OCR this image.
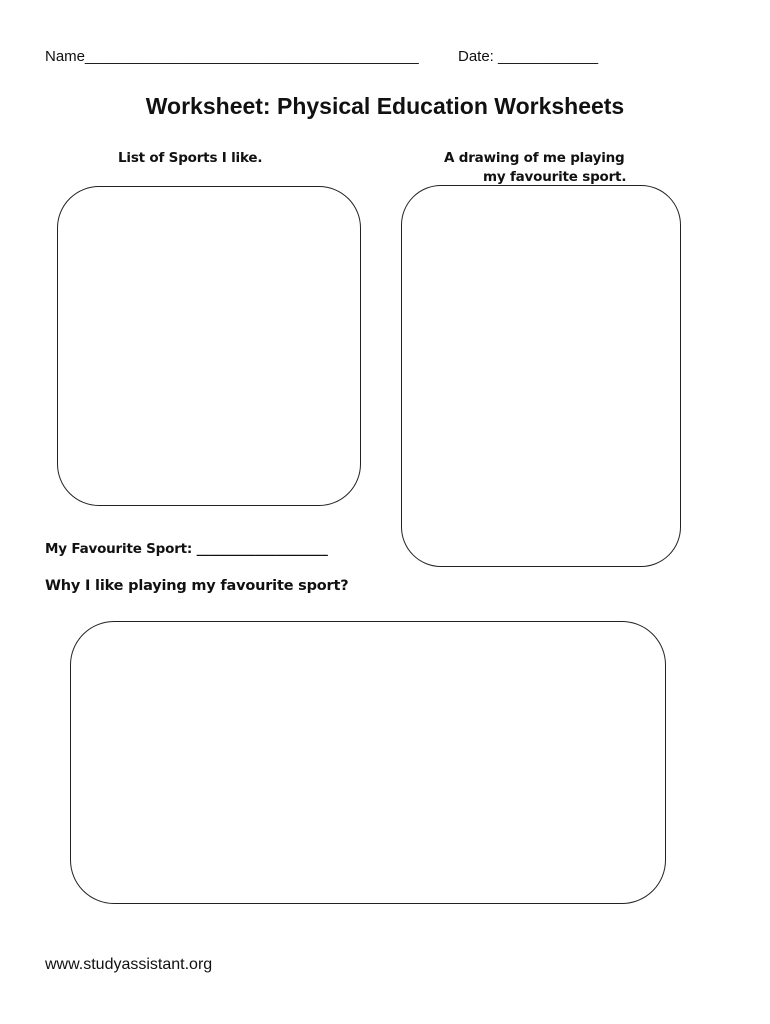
Name________________________________________	Date: ____________
Worksheet: Physical Education Worksheets
List of Sports I like.	A drawing of me playing
my favourite sport.
My Favourite Sport: ____________________
Why I like playing my favourite sport?
www.studyassistant.org
